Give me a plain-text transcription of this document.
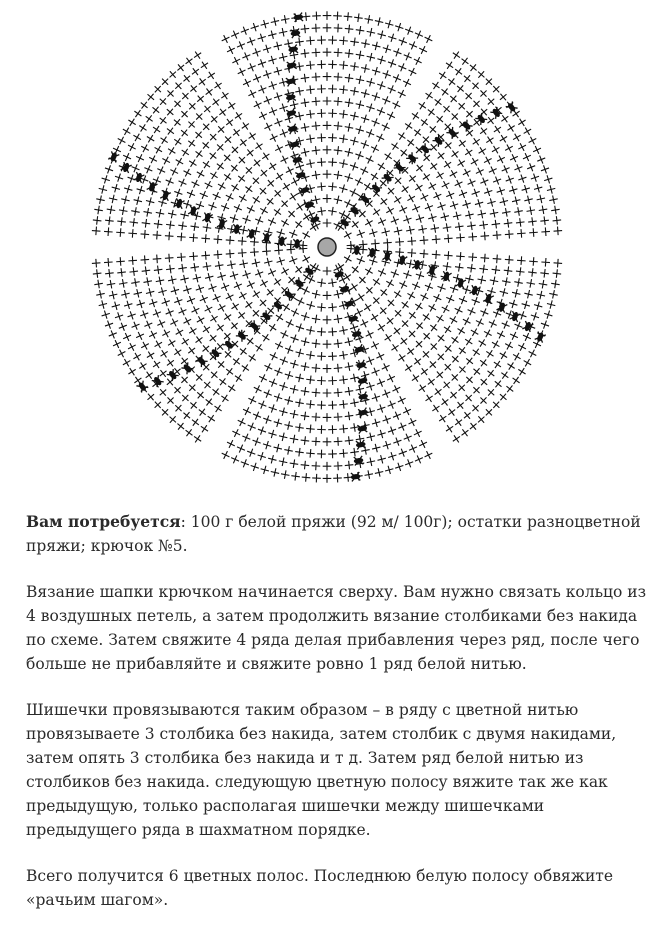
Вам потребуется: 100 г белой пряжи (92 м/ 100г); остатки разноцветной пряжи; крючок №5.

Вязание шапки крючком начинается сверху. Вам нужно связать кольцо из 4 воздушных петель, а затем продолжить вязание столбиками без накида по схеме. Затем свяжите 4 ряда делая прибавления через ряд, после чего больше не прибавляйте и свяжите ровно 1 ряд белой нитью.

Шишечки провязываются таким образом – в ряду с цветной нитью провязываете 3 столбика без накида, затем столбик с двумя накидами, затем опять 3 столбика без накида и т д. Затем ряд белой нитью из столбиков без накида. следующую цветную полосу вяжите так же как предыдущую, только располагая шишечки между шишечками предыдущего ряда в шахматном порядке.

Всего получится 6 цветных полос. Последнюю белую полосу обвяжите «рачьим шагом».
